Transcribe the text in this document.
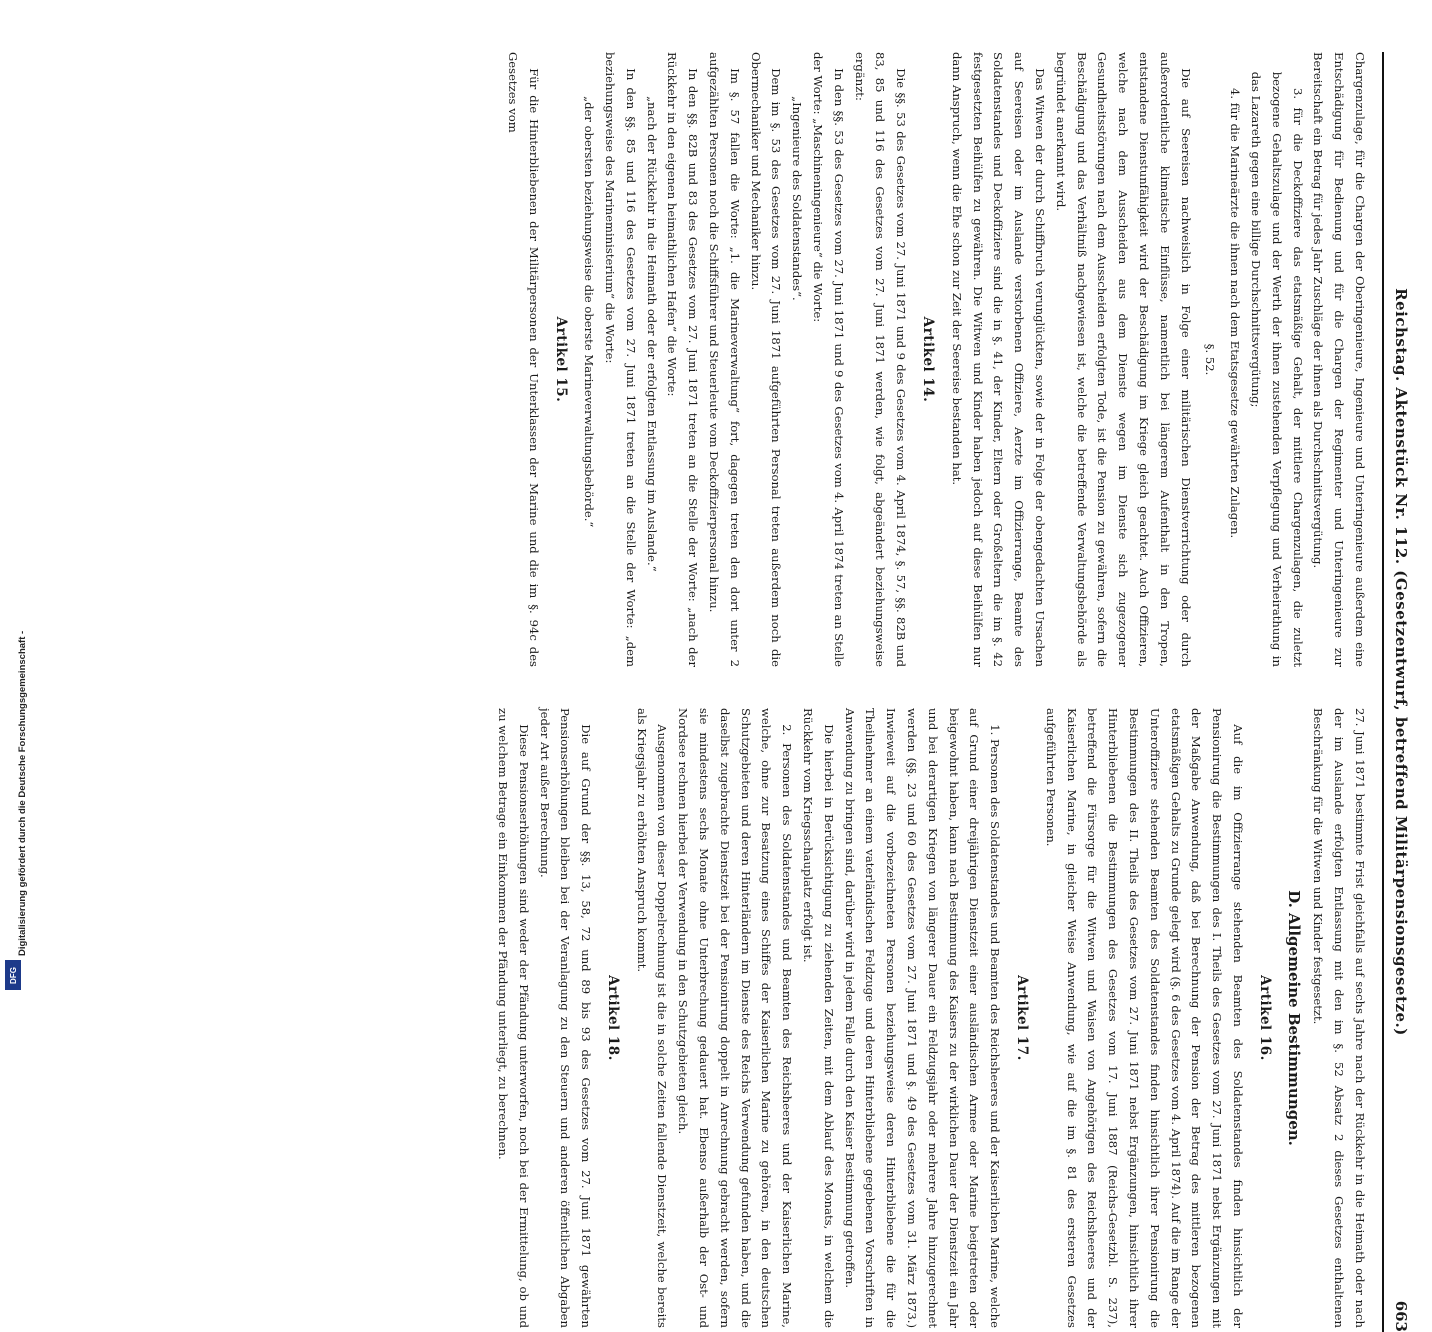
Reichstag. Aktenstück Nr. 112. (Gesetzentwurf, betreffend Militärpensionsgesetze.)
663

Chargenzulage, für die Chargen der Oberingenieure, Ingenieure und Unteringenieure außerdem eine Entschädigung für Bedienung und für die Chargen der Regimenter und Unteringenieure zur Bereitschaft ein Betrag für jedes Jahr Zuschläge der ihnen als Durchschnittsvergütung.

3. für die Deckoffiziere das etatsmäßige Gehalt, der mittlere Chargenzulagen, die zuletzt bezogene Gehaltszulage und der Werth der ihnen zustehenden Verpflegung und Verheirathung in das Lazareth gegen eine billige Durchschnittsvergütung;

4. für die Marineärzte die ihnen nach dem Etatsgesetze gewährten Zulagen.

§. 52.

Die auf Seereisen nachweislich in Folge einer militärischen Dienstverrichtung oder durch außerordentliche klimatische Einflüsse, namentlich bei längerem Aufenthalt in den Tropen, entstandene Dienstunfähigkeit wird der Beschädigung im Kriege gleich geachtet. Auch Offizieren, welche nach dem Ausscheiden aus dem Dienste wegen im Dienste sich zugezogener Gesundheitsstörungen nach dem Ausscheiden erfolgten Tode, ist die Pension zu gewähren, sofern die Beschädigung und das Verhältniß nachgewiesen ist, welche die betreffende Verwaltungsbehörde als begründet anerkannt wird.

Das Witwen der durch Schiffbruch verunglückten, sowie der in Folge der obengedachten Ursachen auf Seereisen oder im Auslande verstorbenen Offiziere, Aerzte im Offizierrange, Beamte des Soldatenstandes und Deckoffiziere sind die in §. 41, der Kinder, Eltern oder Großeltern die im §. 42 festgesetzten Beihülfen zu gewähren. Die Witwen und Kinder haben jedoch auf diese Beihülfen nur dann Anspruch, wenn die Ehe schon zur Zeit der Seereise bestanden hat.

Artikel 14.

Die §§. 53 des Gesetzes vom 27. Juni 1871 und 9 des Gesetzes vom 4. April 1874, §. 57, §§. 82B und 83, 85 und 116 des Gesetzes vom 27. Juni 1871 werden, wie folgt, abgeändert beziehungsweise ergänzt:

In den §§. 53 des Gesetzes vom 27. Juni 1871 und 9 des Gesetzes vom 4. April 1874 treten an Stelle der Worte: „Maschineningenieure“ die Worte:

„Ingenieure des Soldatenstandes“.

Dem im §. 53 des Gesetzes vom 27. Juni 1871 aufgeführten Personal treten außerdem noch die Obermechaniker und Mechaniker hinzu.

Im §. 57 fallen die Worte: „1. die Marineverwaltung“ fort, dagegen treten den dort unter 2 aufgezählten Personen noch die Schiffsführer und Steuerleute vom Deckoffizierpersonal hinzu.

In den §§. 82B und 83 des Gesetzes vom 27. Juni 1871 treten an die Stelle der Worte: „nach der Rückkehr in den eigenen heimathlichen Hafen“ die Worte:

„nach der Rückkehr in die Heimath oder der erfolgten Entlassung im Auslande.“

In den §§. 85 und 116 des Gesetzes vom 27. Juni 1871 treten an die Stelle der Worte: „dem beziehungsweise des Marineministerium“ die Worte:

„der obersten beziehungsweise die oberste Marineverwaltungsbehörde.“

Artikel 15.

Für die Hinterbliebenen der Militärpersonen der Unterklassen der Marine und die im §. 94c des Gesetzes vom

27. Juni 1871 bestimmte Frist gleichfalls auf sechs Jahre nach der Rückkehr in die Heimath oder nach der im Auslande erfolgten Entlassung mit den im §. 52 Absatz 2 dieses Gesetzes enthaltenen Beschränkung für die Witwen und Kinder festgesetzt.

D. Allgemeine Bestimmungen.
Artikel 16.

Auf die im Offizierrange stehenden Beamten des Soldatenstandes finden hinsichtlich der Pensionirung die Bestimmungen des I. Theils des Gesetzes vom 27. Juni 1871 nebst Ergänzungen mit der Maßgabe Anwendung, daß bei Berechnung der Pension der Betrag des mittleren bezogenen etatsmäßigen Gehalts zu Grunde gelegt wird (§. 6 des Gesetzes vom 4. April 1874). Auf die im Range der Unteroffiziere stehenden Beamten des Soldatenstandes finden hinsichtlich ihrer Pensionirung die Bestimmungen des II. Theils des Gesetzes vom 27. Juni 1871 nebst Ergänzungen, hinsichtlich ihrer Hinterbliebenen die Bestimmungen des Gesetzes vom 17. Juni 1887 (Reichs-Gesetzbl. S. 237), betreffend die Fürsorge für die Witwen und Waisen von Angehörigen des Reichsheeres und der Kaiserlichen Marine, in gleicher Weise Anwendung, wie auf die im §. 81 des ersteren Gesetzes aufgeführten Personen.

Artikel 17.

1. Personen des Soldatenstandes und Beamten des Reichsheeres und der Kaiserlichen Marine, welche auf Grund einer dreijährigen Dienstzeit einer ausländischen Armee oder Marine beigetreten oder beigewohnt haben, kann nach Bestimmung des Kaisers zu der wirklichen Dauer der Dienstzeit ein Jahr und bei derartigen Kriegen von längerer Dauer ein Feldzugsjahr oder mehrere Jahre hinzugerechnet werden (§§. 23 und 60 des Gesetzes vom 27. Juni 1871 und §. 49 des Gesetzes vom 31. März 1873.) Inwieweit auf die vorbezeichneten Personen beziehungsweise deren Hinterbliebene die für die Theilnehmer an einem vaterländischen Feldzuge und deren Hinterbliebene gegebenen Vorschriften in Anwendung zu bringen sind, darüber wird in jedem Falle durch den Kaiser Bestimmung getroffen.

Die hierbei in Berücksichtigung zu ziehenden Zeiten, mit dem Ablauf des Monats, in welchem die Rückkehr vom Kriegsschauplatz erfolgt ist.

2. Personen des Soldatenstandes und Beamten des Reichsheeres und der Kaiserlichen Marine, welche, ohne zur Besatzung eines Schiffes der Kaiserlichen Marine zu gehören, in den deutschen Schutzgebieten und deren Hinterländern im Dienste des Reichs Verwendung gefunden haben, und die daselbst zugebrachte Dienstzeit bei der Pensionirung doppelt in Anrechnung gebracht werden, sofern sie mindestens sechs Monate ohne Unterbrechung gedauert hat. Ebenso außerhalb der Ost- und Nordsee rechnen hierbei der Verwendung in den Schutzgebieten gleich.

Ausgenommen von dieser Doppelrechnung ist die in solche Zeiten fallende Dienstzeit, welche bereits als Kriegsjahr zu erhöhten Anspruch kommt.

Artikel 18.

Die auf Grund der §§. 13, 58, 72 und 89 bis 93 des Gesetzes vom 27. Juni 1871 gewährten Pensionserhöhungen bleiben bei der Veranlagung zu den Steuern und anderen öffentlichen Abgaben jeder Art außer Berechnung.

Diese Pensionserhöhungen sind weder der Pfändung unterworfen, noch bei der Ermittelung, ob und zu welchem Betrage ein Einkommen der Pfändung unterliegt, zu berechnen.

Digitalisierung gefördert durch die Deutsche Forschungsgemeinschaft -
DFG
